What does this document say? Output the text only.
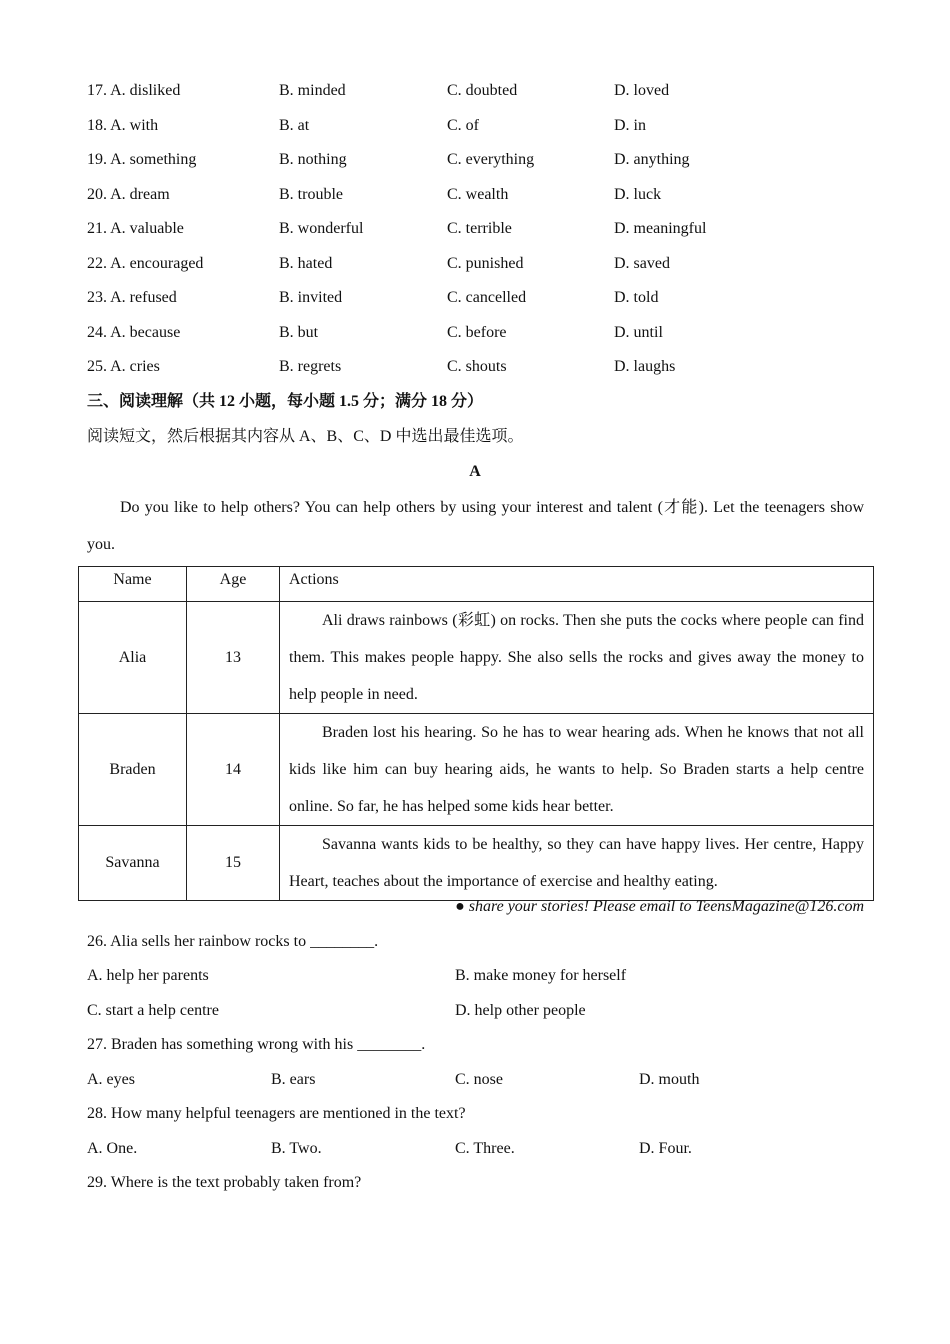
17. A. disliked	B. minded	C. doubted	D. loved
18. A. with	B. at	C. of	D. in
19. A. something	B. nothing	C. everything	D. anything
20. A. dream	B. trouble	C. wealth	D. luck
21. A. valuable	B. wonderful	C. terrible	D. meaningful
22. A. encouraged	B. hated	C. punished	D. saved
23. A. refused	B. invited	C. cancelled	D. told
24. A. because	B. but	C. before	D. until
25. A. cries	B. regrets	C. shouts	D. laughs
三、阅读理解（共 12 小题，每小题 1.5 分；满分 18 分）
阅读短文，然后根据其内容从 A、B、C、D 中选出最佳选项。
A
Do you like to help others? You can help others by using your interest and talent (才能). Let the teenagers show you.
Name	Age	Actions
Alia	13	Ali draws rainbows (彩虹) on rocks. Then she puts the cocks where people can find them. This makes people happy. She also sells the rocks and gives away the money to help people in need.

Braden	14	Braden lost his hearing. So he has to wear hearing ads. When he knows that not all kids like him can buy hearing aids, he wants to help. So Braden starts a help centre online. So far, he has helped some kids hear better.

Savanna	15	Savanna wants kids to be healthy, so they can have happy lives. Her centre, Happy Heart, teaches about the importance of exercise and healthy eating.
● share your stories! Please email to TeensMagazine@126.com
26. Alia sells her rainbow rocks to ________.
A. help her parents	B. make money for herself
C. start a help centre	D. help other people
27. Braden has something wrong with his ________.
A. eyes	B. ears	C. nose	D. mouth
28. How many helpful teenagers are mentioned in the text?
A. One.	B. Two.	C. Three.	D. Four.
29. Where is the text probably taken from?
